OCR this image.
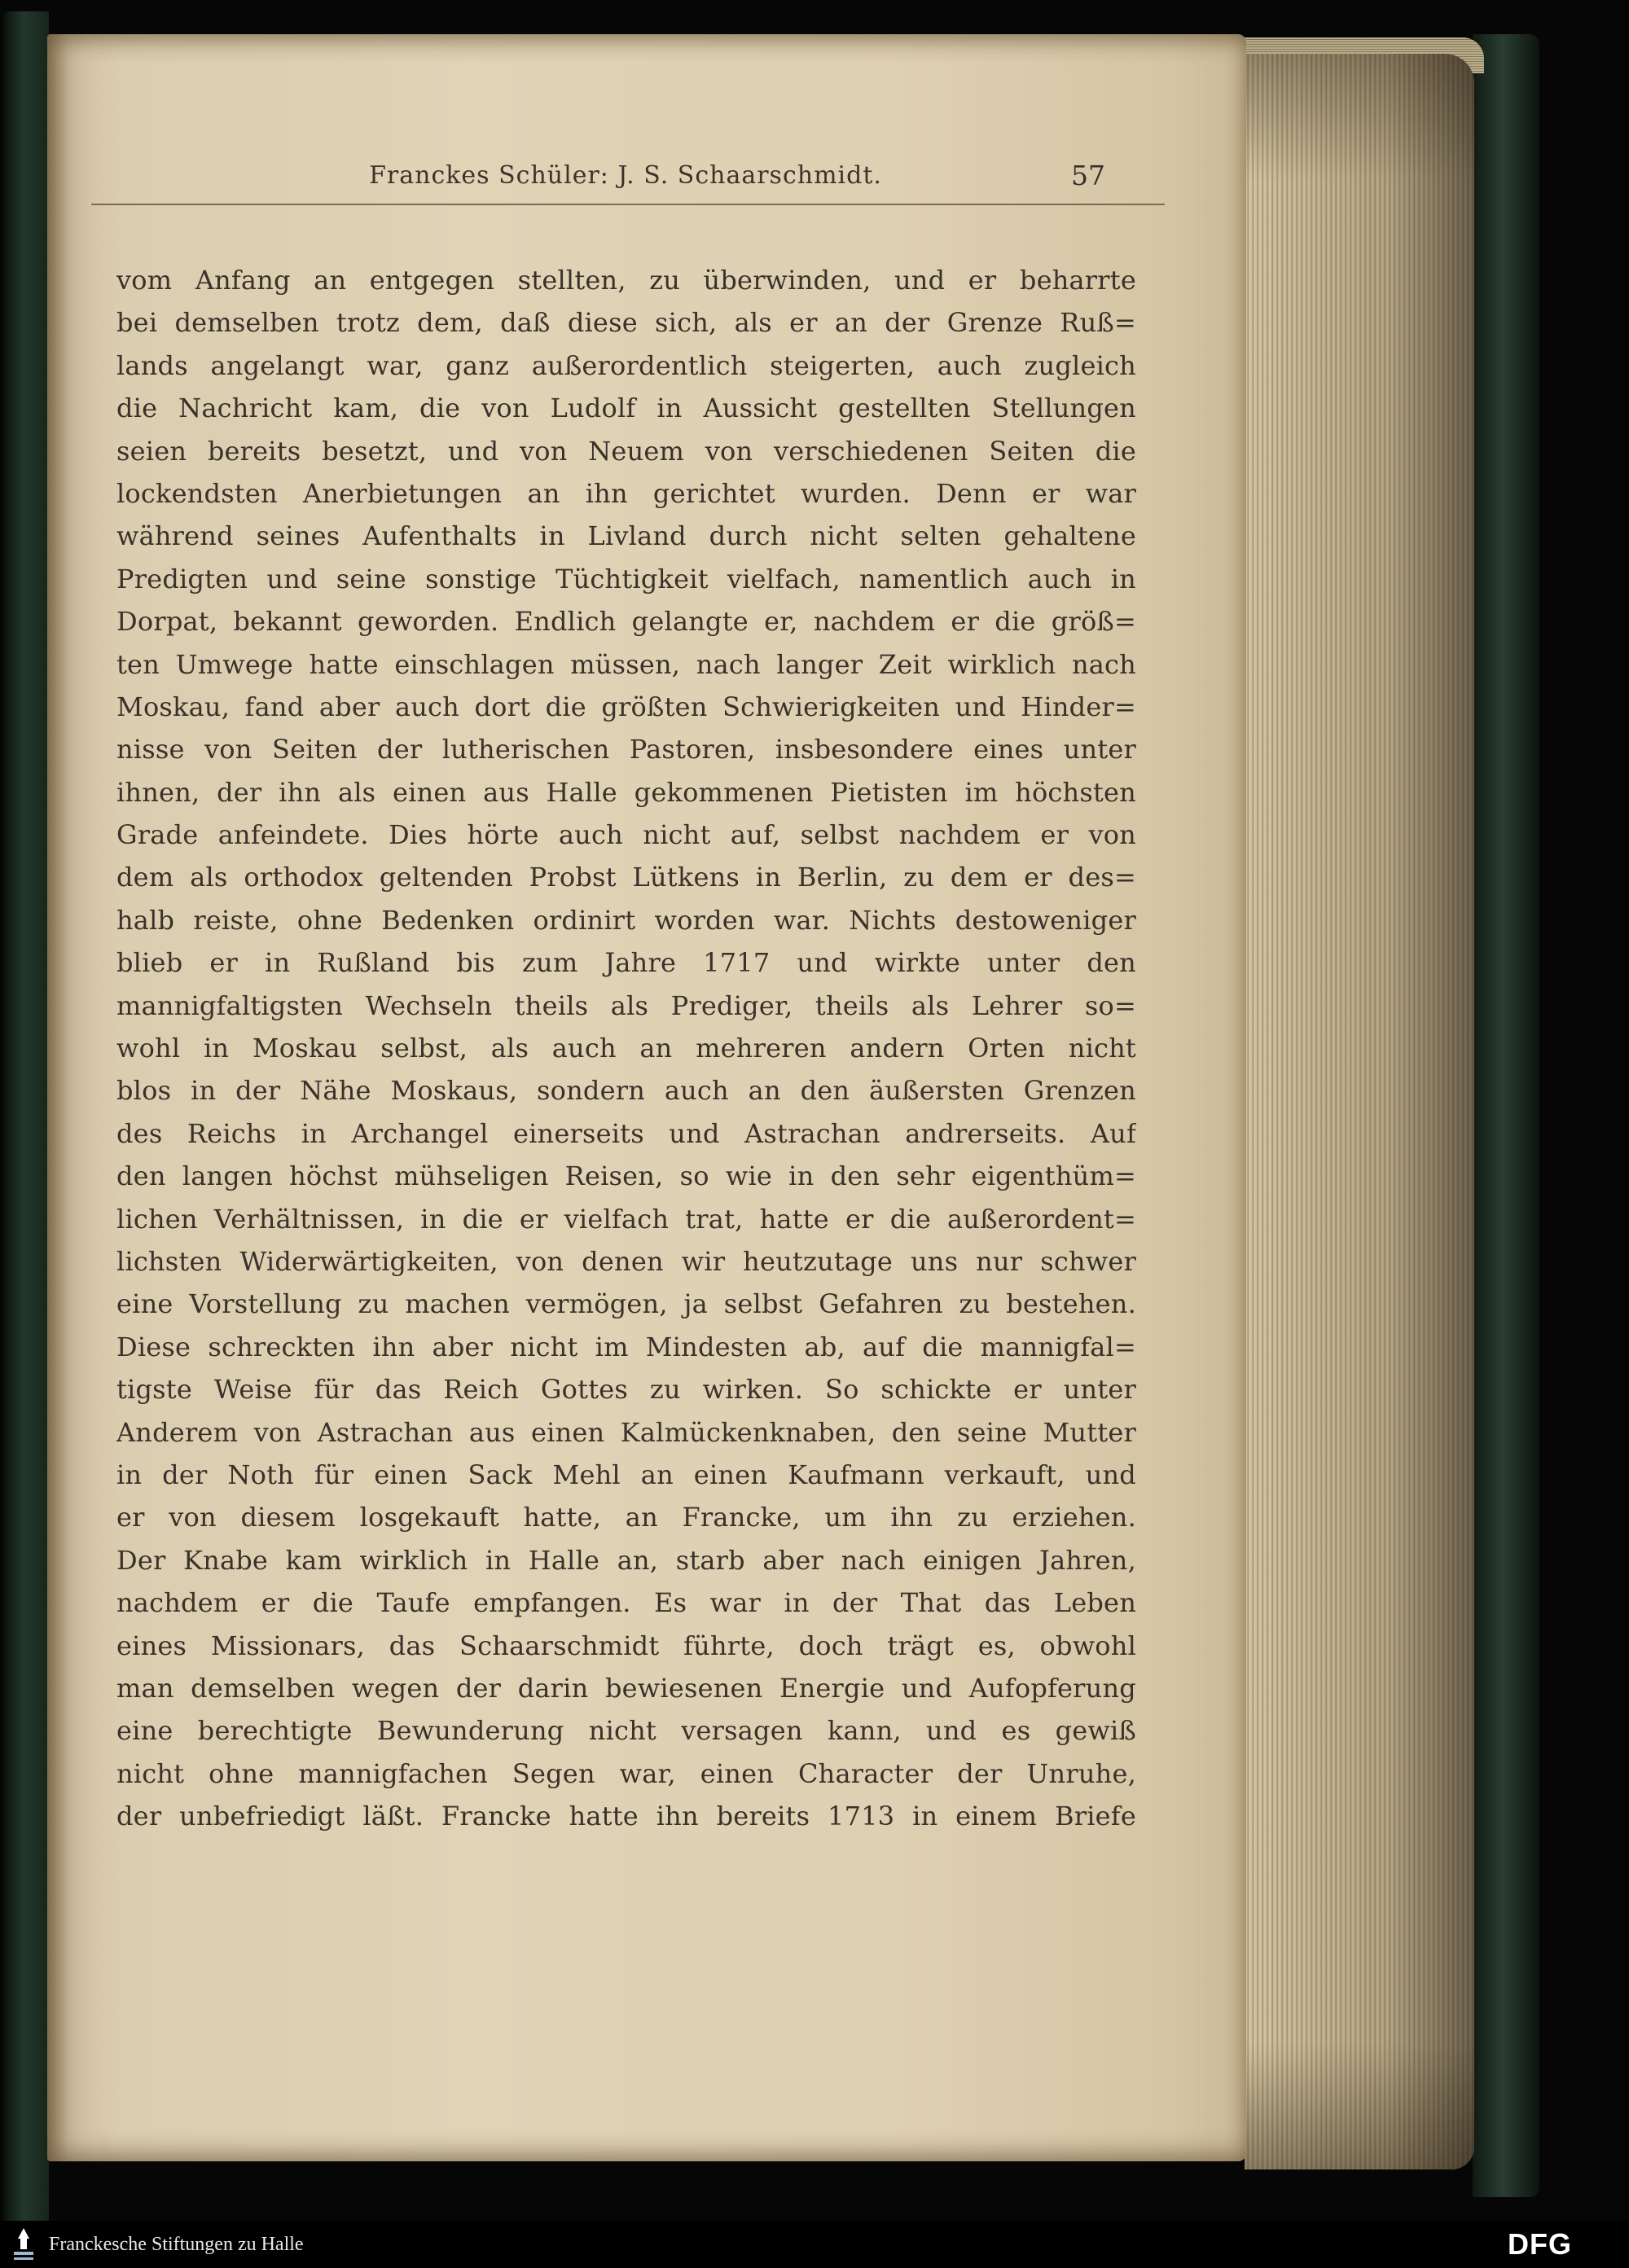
Franckes Schüler: J. S. Schaarschmidt.	57
vom Anfang an entgegen stellten, zu überwinden, und er beharrte
bei demselben trotz dem, daß diese sich, als er an der Grenze Ruß=
lands angelangt war, ganz außerordentlich steigerten, auch zugleich
die Nachricht kam, die von Ludolf in Aussicht gestellten Stellungen
seien bereits besetzt, und von Neuem von verschiedenen Seiten die
lockendsten Anerbietungen an ihn gerichtet wurden. Denn er war
während seines Aufenthalts in Livland durch nicht selten gehaltene
Predigten und seine sonstige Tüchtigkeit vielfach, namentlich auch in
Dorpat, bekannt geworden. Endlich gelangte er, nachdem er die größ=
ten Umwege hatte einschlagen müssen, nach langer Zeit wirklich nach
Moskau, fand aber auch dort die größten Schwierigkeiten und Hinder=
nisse von Seiten der lutherischen Pastoren, insbesondere eines unter
ihnen, der ihn als einen aus Halle gekommenen Pietisten im höchsten
Grade anfeindete. Dies hörte auch nicht auf, selbst nachdem er von
dem als orthodox geltenden Probst Lütkens in Berlin, zu dem er des=
halb reiste, ohne Bedenken ordinirt worden war. Nichts destoweniger
blieb er in Rußland bis zum Jahre 1717 und wirkte unter den
mannigfaltigsten Wechseln theils als Prediger, theils als Lehrer so=
wohl in Moskau selbst, als auch an mehreren andern Orten nicht
blos in der Nähe Moskaus, sondern auch an den äußersten Grenzen
des Reichs in Archangel einerseits und Astrachan andrerseits. Auf
den langen höchst mühseligen Reisen, so wie in den sehr eigenthüm=
lichen Verhältnissen, in die er vielfach trat, hatte er die außerordent=
lichsten Widerwärtigkeiten, von denen wir heutzutage uns nur schwer
eine Vorstellung zu machen vermögen, ja selbst Gefahren zu bestehen.
Diese schreckten ihn aber nicht im Mindesten ab, auf die mannigfal=
tigste Weise für das Reich Gottes zu wirken. So schickte er unter
Anderem von Astrachan aus einen Kalmückenknaben, den seine Mutter
in der Noth für einen Sack Mehl an einen Kaufmann verkauft, und
er von diesem losgekauft hatte, an Francke, um ihn zu erziehen.
Der Knabe kam wirklich in Halle an, starb aber nach einigen Jahren,
nachdem er die Taufe empfangen. Es war in der That das Leben
eines Missionars, das Schaarschmidt führte, doch trägt es, obwohl
man demselben wegen der darin bewiesenen Energie und Aufopferung
eine berechtigte Bewunderung nicht versagen kann, und es gewiß
nicht ohne mannigfachen Segen war, einen Character der Unruhe,
der unbefriedigt läßt. Francke hatte ihn bereits 1713 in einem Briefe
Franckesche Stiftungen zu Halle	DFG
